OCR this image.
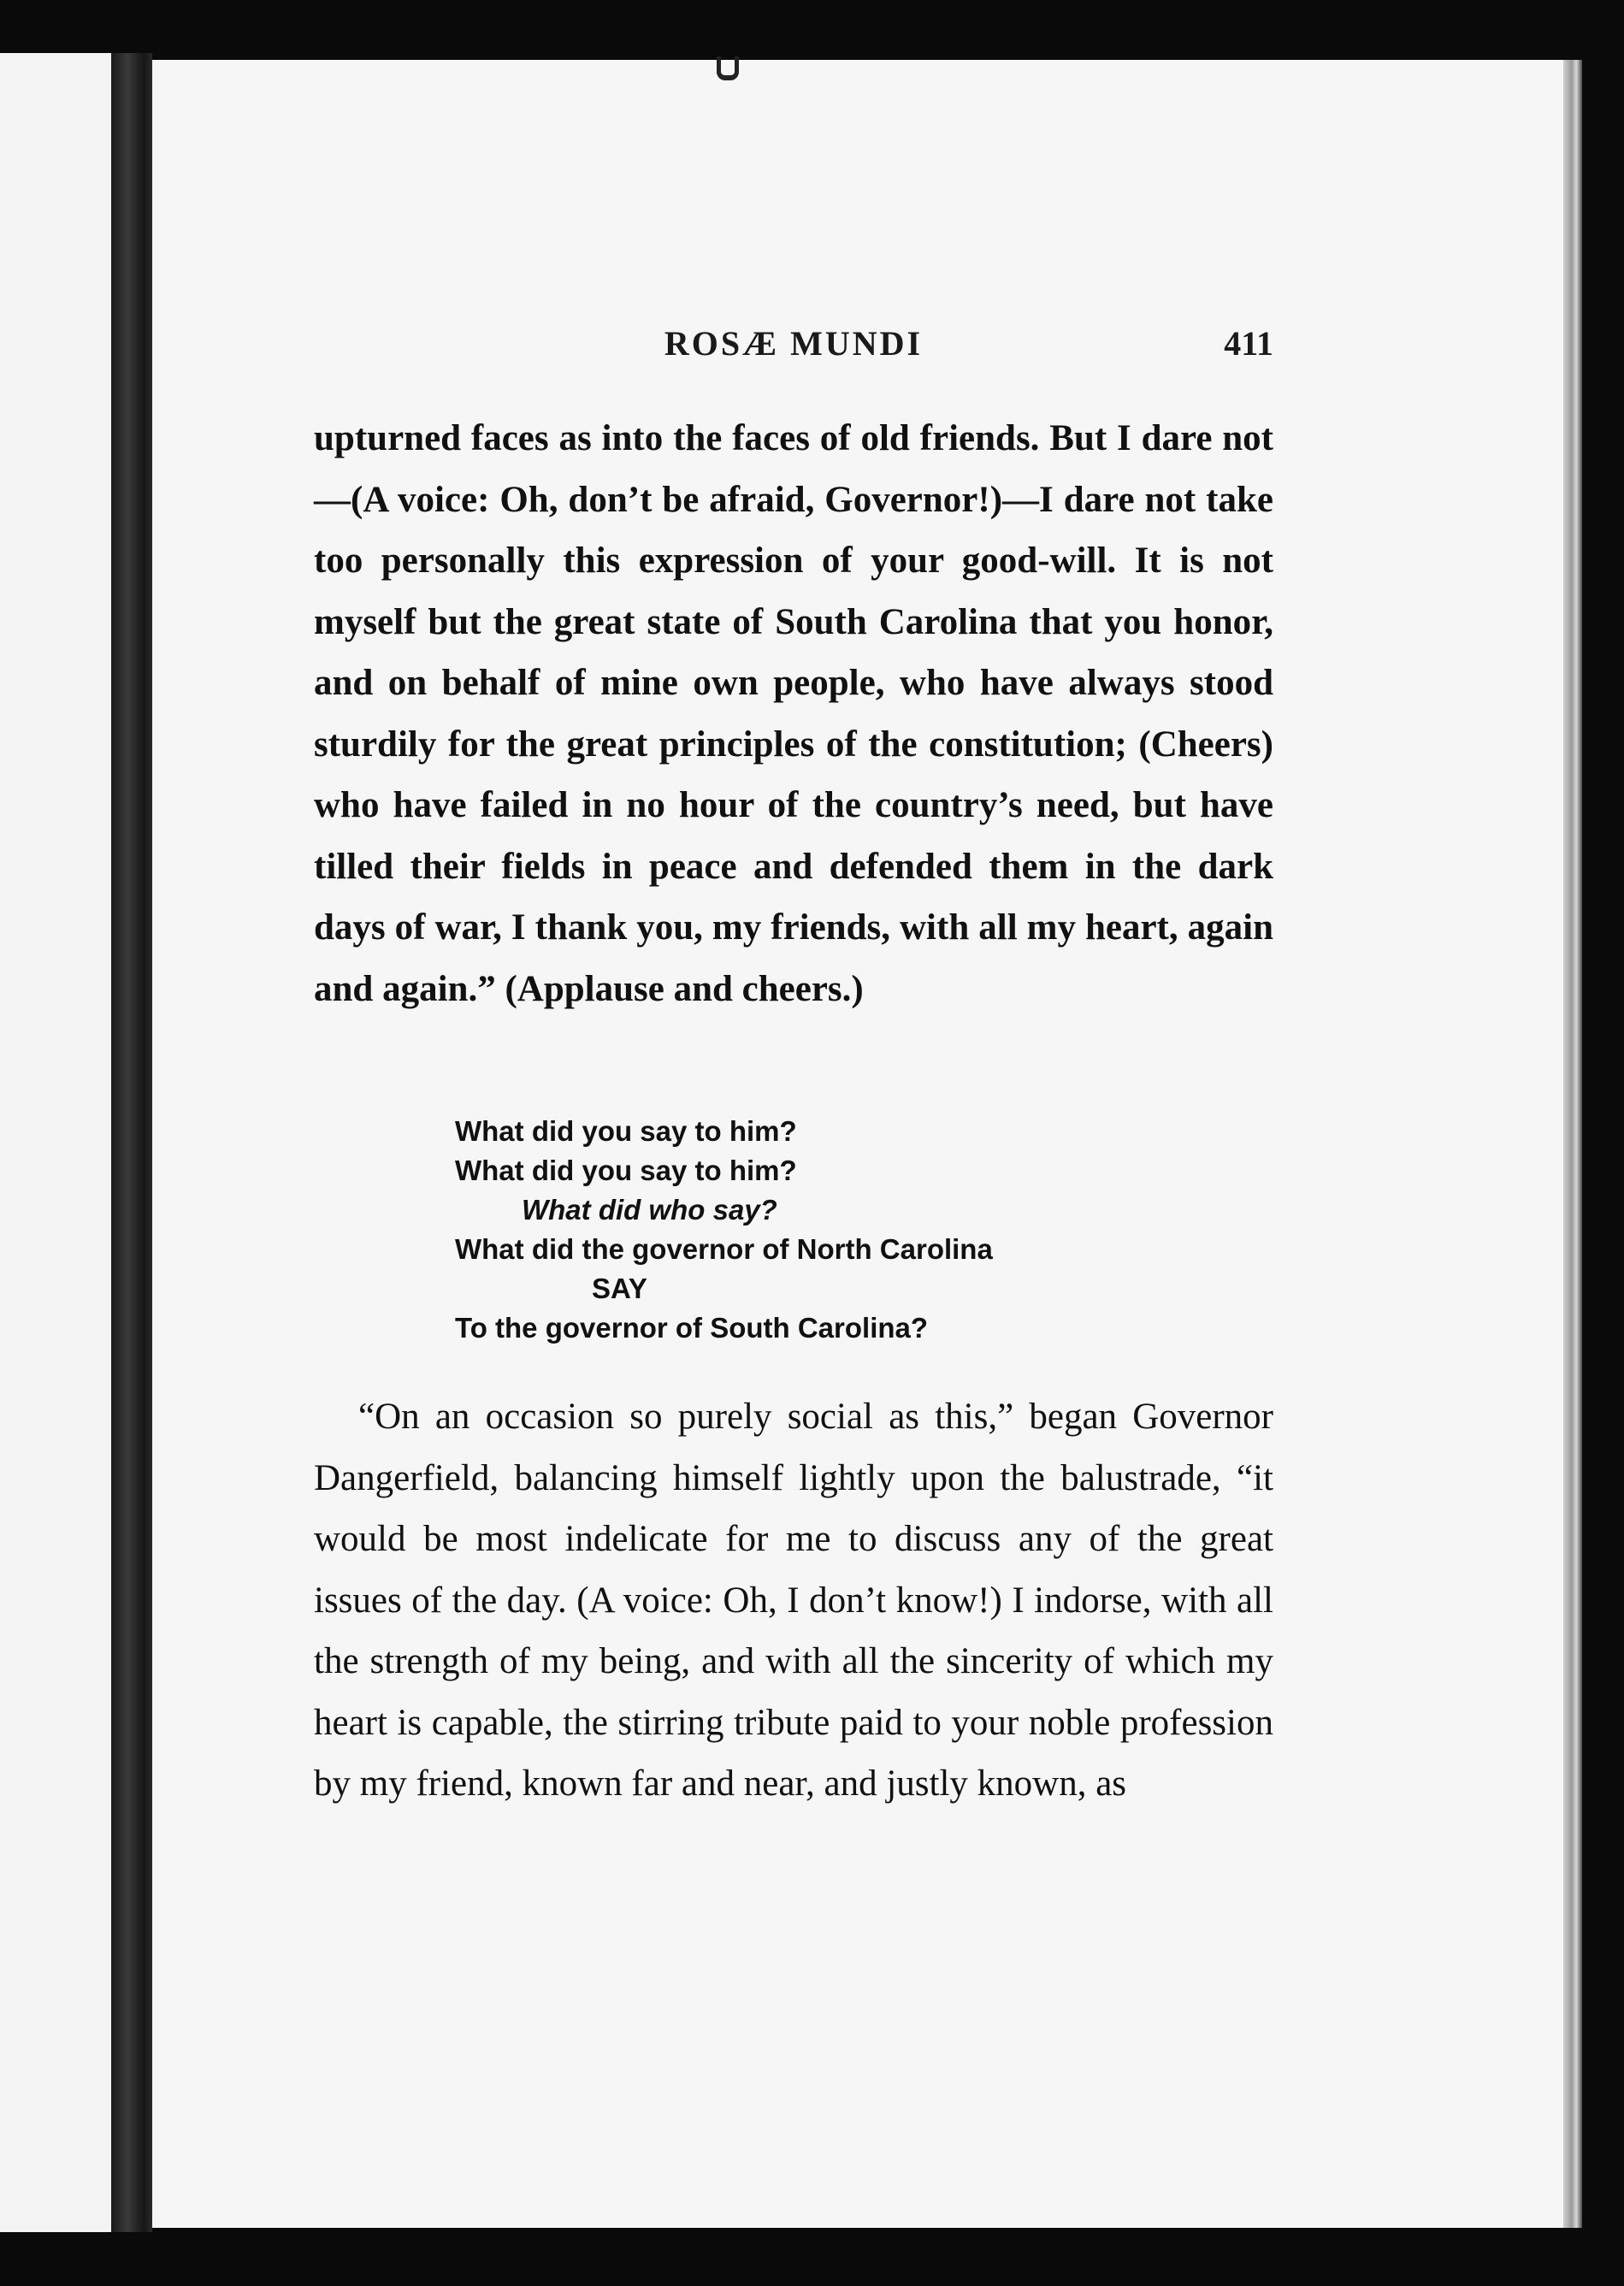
ROSÆ MUNDI	411

upturned faces as into the faces of old friends. But I dare not—(A voice: Oh, don’t be afraid, Governor!)—I dare not take too personally this expression of your good-will. It is not myself but the great state of South Carolina that you honor, and on behalf of mine own people, who have always stood sturdily for the great principles of the constitution; (Cheers) who have failed in no hour of the country’s need, but have tilled their fields in peace and defended them in the dark days of war, I thank you, my friends, with all my heart, again and again.” (Applause and cheers.)

What did you say to him?
What did you say to him?
What did who say?
What did the governor of North Carolina
SAY
To the governor of South Carolina?

“On an occasion so purely social as this,” began Governor Dangerfield, balancing himself lightly upon the balustrade, “it would be most indelicate for me to discuss any of the great issues of the day. (A voice: Oh, I don’t know!) I indorse, with all the strength of my being, and with all the sincerity of which my heart is capable, the stirring tribute paid to your noble profession by my friend, known far and near, and justly known, as
